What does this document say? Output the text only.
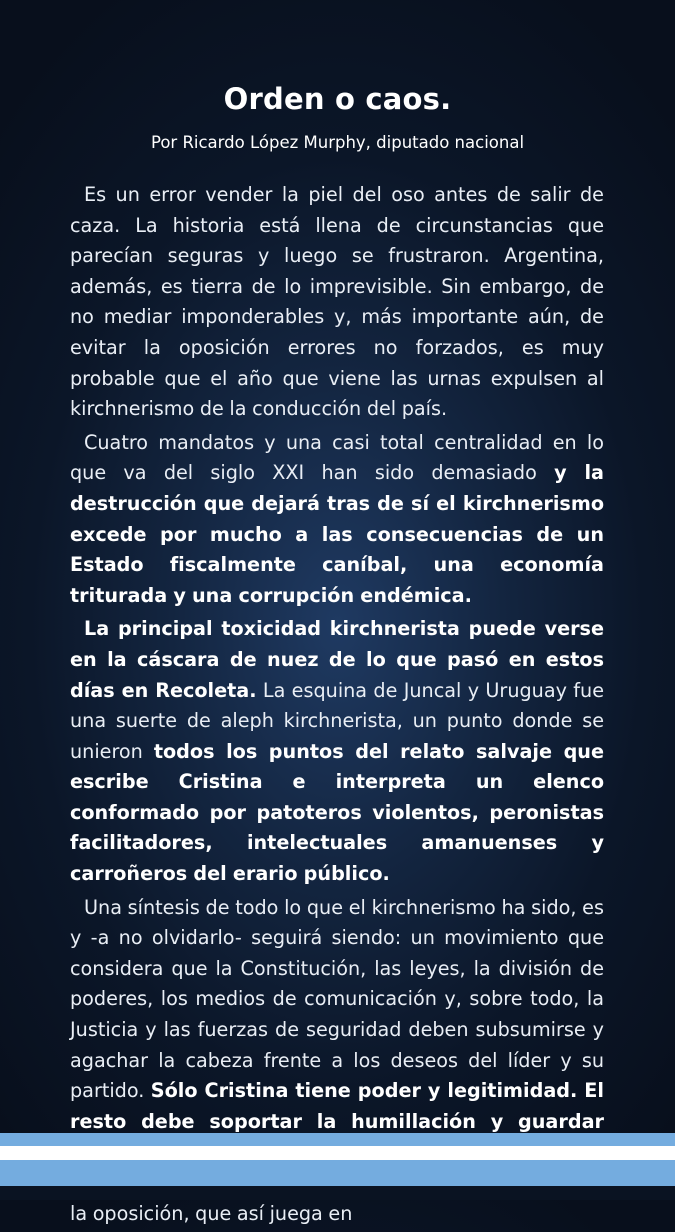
Orden o caos.
Por Ricardo López Murphy, diputado nacional

Es un error vender la piel del oso antes de salir de caza. La historia está llena de circunstancias que parecían seguras y luego se frustraron. Argentina, además, es tierra de lo imprevisible. Sin embargo, de no mediar imponderables y, más importante aún, de evitar la oposición errores no forzados, es muy probable que el año que viene las urnas expulsen al kirchnerismo de la conducción del país.

Cuatro mandatos y una casi total centralidad en lo que va del siglo XXI han sido demasiado y la destrucción que dejará tras de sí el kirchnerismo excede por mucho a las consecuencias de un Estado fiscalmente caníbal, una economía triturada y una corrupción endémica.

La principal toxicidad kirchnerista puede verse en la cáscara de nuez de lo que pasó en estos días en Recoleta. La esquina de Juncal y Uruguay fue una suerte de aleph kirchnerista, un punto donde se unieron todos los puntos del relato salvaje que escribe Cristina e interpreta un elenco conformado por patoteros violentos, peronistas facilitadores, intelectuales amanuenses y carroñeros del erario público.

Una síntesis de todo lo que el kirchnerismo ha sido, es y -a no olvidarlo- seguirá siendo: un movimiento que considera que la Constitución, las leyes, la división de poderes, los medios de comunicación y, sobre todo, la Justicia y las fuerzas de seguridad deben subsumirse y agachar la cabeza frente a los deseos del líder y su partido. Sólo Cristina tiene poder y legitimidad. El resto debe soportar la humillación y guardar la oposición, que así juega en
